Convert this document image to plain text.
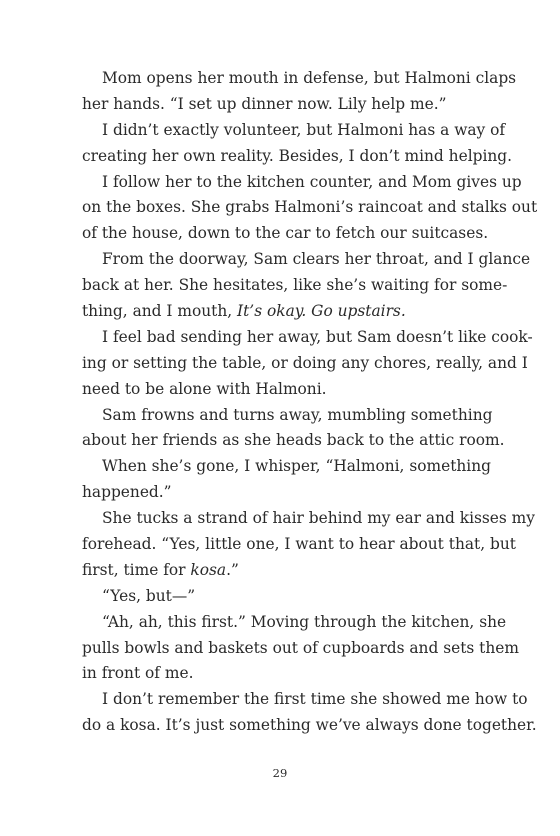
Mom opens her mouth in defense, but Halmoni claps
her hands. “I set up dinner now. Lily help me.”
I didn’t exactly volunteer, but Halmoni has a way of
creating her own reality. Besides, I don’t mind helping.
I follow her to the kitchen counter, and Mom gives up
on the boxes. She grabs Halmoni’s raincoat and stalks out
of the house, down to the car to fetch our suitcases.
From the doorway, Sam clears her throat, and I glance
back at her. She hesitates, like she’s waiting for some-
thing, and I mouth, It’s okay. Go upstairs.
I feel bad sending her away, but Sam doesn’t like cook-
ing or setting the table, or doing any chores, really, and I
need to be alone with Halmoni.
Sam frowns and turns away, mumbling something
about her friends as she heads back to the attic room.
When she’s gone, I whisper, “Halmoni, something
happened.”
She tucks a strand of hair behind my ear and kisses my
forehead. “Yes, little one, I want to hear about that, but
first, time for kosa.”
“Yes, but—”
“Ah, ah, this first.” Moving through the kitchen, she
pulls bowls and baskets out of cupboards and sets them
in front of me.
I don’t remember the first time she showed me how to
do a kosa. It’s just something we’ve always done together.
29
